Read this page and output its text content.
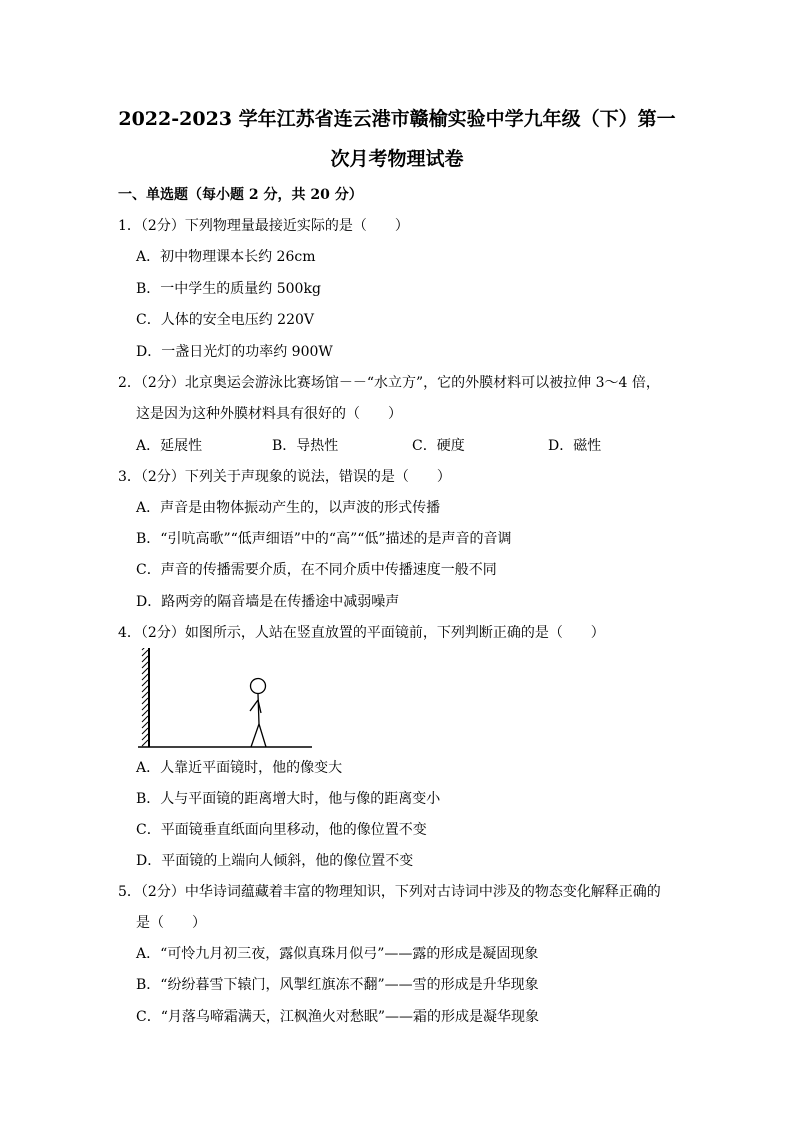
2022-2023 学年江苏省连云港市赣榆实验中学九年级（下）第一
次月考物理试卷
一、单选题（每小题 2 分，共 20 分）
1．（2分）下列物理量最接近实际的是（　　）
A．初中物理课本长约 26cm
B．一中学生的质量约 500kg
C．人体的安全电压约 220V
D．一盏日光灯的功率约 900W
2．（2分）北京奥运会游泳比赛场馆－－“水立方”，它的外膜材料可以被拉伸 3～4 倍，
这是因为这种外膜材料具有很好的（　　）
A．延展性	B．导热性	C．硬度	D．磁性
3．（2分）下列关于声现象的说法，错误的是（　　）
A．声音是由物体振动产生的，以声波的形式传播
B．“引吭高歌”“低声细语”中的“高”“低”描述的是声音的音调
C．声音的传播需要介质，在不同介质中传播速度一般不同
D．路两旁的隔音墙是在传播途中减弱噪声
4．（2分）如图所示，人站在竖直放置的平面镜前，下列判断正确的是（　　）
A．人靠近平面镜时，他的像变大
B．人与平面镜的距离增大时，他与像的距离变小
C．平面镜垂直纸面向里移动，他的像位置不变
D．平面镜的上端向人倾斜，他的像位置不变
5．（2分）中华诗词蕴藏着丰富的物理知识，下列对古诗词中涉及的物态变化解释正确的
是（　　）
A．“可怜九月初三夜，露似真珠月似弓”——露的形成是凝固现象
B．“纷纷暮雪下辕门，风掣红旗冻不翻”——雪的形成是升华现象
C．“月落乌啼霜满天，江枫渔火对愁眠”——霜的形成是凝华现象
